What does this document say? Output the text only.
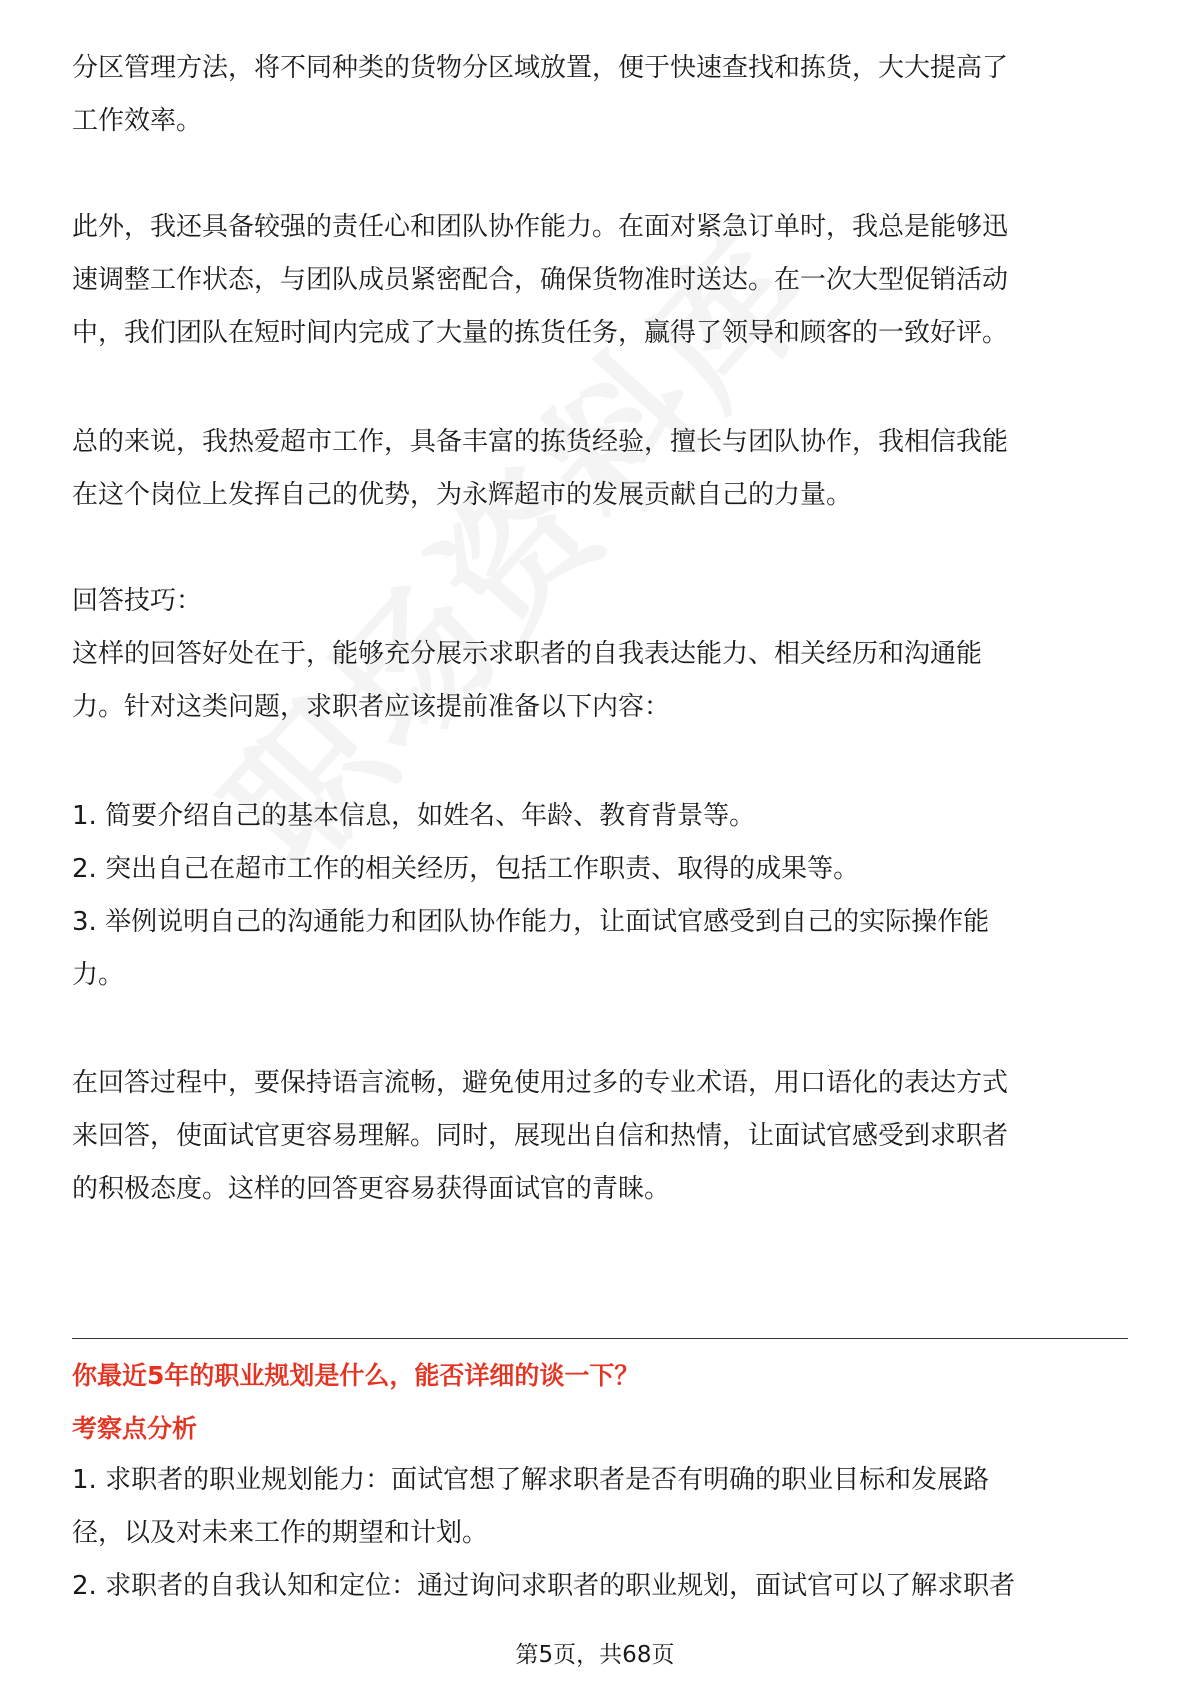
分区管理方法，将不同种类的货物分区域放置，便于快速查找和拣货，大大提高了
工作效率。
此外，我还具备较强的责任心和团队协作能力。在面对紧急订单时，我总是能够迅
速调整工作状态，与团队成员紧密配合，确保货物准时送达。在一次大型促销活动
中，我们团队在短时间内完成了大量的拣货任务，赢得了领导和顾客的一致好评。
总的来说，我热爱超市工作，具备丰富的拣货经验，擅长与团队协作，我相信我能
在这个岗位上发挥自己的优势，为永辉超市的发展贡献自己的力量。
回答技巧：
这样的回答好处在于，能够充分展示求职者的自我表达能力、相关经历和沟通能
力。针对这类问题，求职者应该提前准备以下内容：
1. 简要介绍自己的基本信息，如姓名、年龄、教育背景等。
2. 突出自己在超市工作的相关经历，包括工作职责、取得的成果等。
3. 举例说明自己的沟通能力和团队协作能力，让面试官感受到自己的实际操作能
力。
在回答过程中，要保持语言流畅，避免使用过多的专业术语，用口语化的表达方式
来回答，使面试官更容易理解。同时，展现出自信和热情，让面试官感受到求职者
的积极态度。这样的回答更容易获得面试官的青睐。
你最近5年的职业规划是什么，能否详细的谈一下？
考察点分析
1. 求职者的职业规划能力：面试官想了解求职者是否有明确的职业目标和发展路
径，以及对未来工作的期望和计划。
2. 求职者的自我认知和定位：通过询问求职者的职业规划，面试官可以了解求职者
第5页，共68页
